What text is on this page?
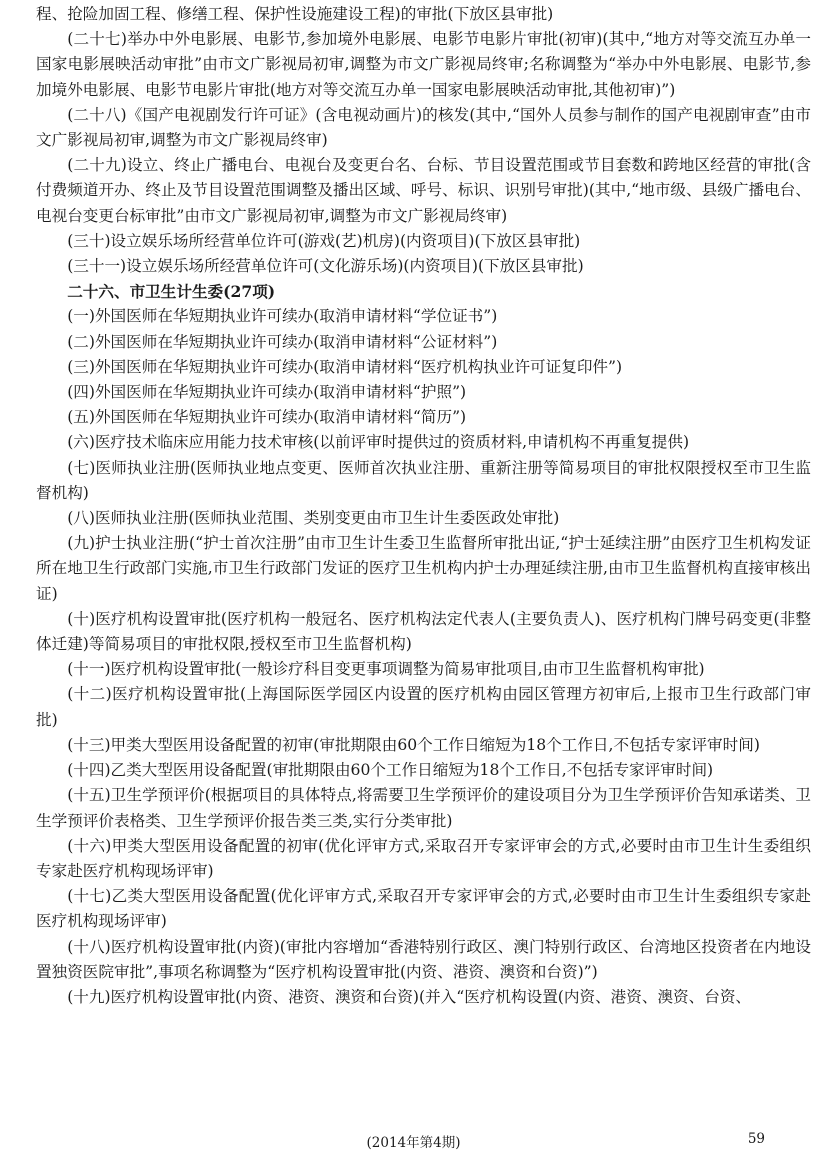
程、抢险加固工程、修缮工程、保护性设施建设工程)的审批(下放区县审批)

(二十七)举办中外电影展、电影节,参加境外电影展、电影节电影片审批(初审)(其中,“地方对等交流互办单一国家电影展映活动审批”由市文广影视局初审,调整为市文广影视局终审;名称调整为“举办中外电影展、电影节,参加境外电影展、电影节电影片审批(地方对等交流互办单一国家电影展映活动审批,其他初审)”)

(二十八)《国产电视剧发行许可证》(含电视动画片)的核发(其中,“国外人员参与制作的国产电视剧审查”由市文广影视局初审,调整为市文广影视局终审)

(二十九)设立、终止广播电台、电视台及变更台名、台标、节目设置范围或节目套数和跨地区经营的审批(含付费频道开办、终止及节目设置范围调整及播出区域、呼号、标识、识别号审批)(其中,“地市级、县级广播电台、电视台变更台标审批”由市文广影视局初审,调整为市文广影视局终审)

(三十)设立娱乐场所经营单位许可(游戏(艺)机房)(内资项目)(下放区县审批)

(三十一)设立娱乐场所经营单位许可(文化游乐场)(内资项目)(下放区县审批)

二十六、市卫生计生委(27项)

(一)外国医师在华短期执业许可续办(取消申请材料“学位证书”)

(二)外国医师在华短期执业许可续办(取消申请材料“公证材料”)

(三)外国医师在华短期执业许可续办(取消申请材料“医疗机构执业许可证复印件”)

(四)外国医师在华短期执业许可续办(取消申请材料“护照”)

(五)外国医师在华短期执业许可续办(取消申请材料“简历”)

(六)医疗技术临床应用能力技术审核(以前评审时提供过的资质材料,申请机构不再重复提供)

(七)医师执业注册(医师执业地点变更、医师首次执业注册、重新注册等简易项目的审批权限授权至市卫生监督机构)

(八)医师执业注册(医师执业范围、类别变更由市卫生计生委医政处审批)

(九)护士执业注册(“护士首次注册”由市卫生计生委卫生监督所审批出证,“护士延续注册”由医疗卫生机构发证所在地卫生行政部门实施,市卫生行政部门发证的医疗卫生机构内护士办理延续注册,由市卫生监督机构直接审核出证)

(十)医疗机构设置审批(医疗机构一般冠名、医疗机构法定代表人(主要负责人)、医疗机构门牌号码变更(非整体迁建)等简易项目的审批权限,授权至市卫生监督机构)

(十一)医疗机构设置审批(一般诊疗科目变更事项调整为简易审批项目,由市卫生监督机构审批)

(十二)医疗机构设置审批(上海国际医学园区内设置的医疗机构由园区管理方初审后,上报市卫生行政部门审批)

(十三)甲类大型医用设备配置的初审(审批期限由60个工作日缩短为18个工作日,不包括专家评审时间)

(十四)乙类大型医用设备配置(审批期限由60个工作日缩短为18个工作日,不包括专家评审时间)

(十五)卫生学预评价(根据项目的具体特点,将需要卫生学预评价的建设项目分为卫生学预评价告知承诺类、卫生学预评价表格类、卫生学预评价报告类三类,实行分类审批)

(十六)甲类大型医用设备配置的初审(优化评审方式,采取召开专家评审会的方式,必要时由市卫生计生委组织专家赴医疗机构现场评审)

(十七)乙类大型医用设备配置(优化评审方式,采取召开专家评审会的方式,必要时由市卫生计生委组织专家赴医疗机构现场评审)

(十八)医疗机构设置审批(内资)(审批内容增加“香港特别行政区、澳门特别行政区、台湾地区投资者在内地设置独资医院审批”,事项名称调整为“医疗机构设置审批(内资、港资、澳资和台资)”)

(十九)医疗机构设置审批(内资、港资、澳资和台资)(并入“医疗机构设置(内资、港资、澳资、台资、

(2014年第4期)	59
